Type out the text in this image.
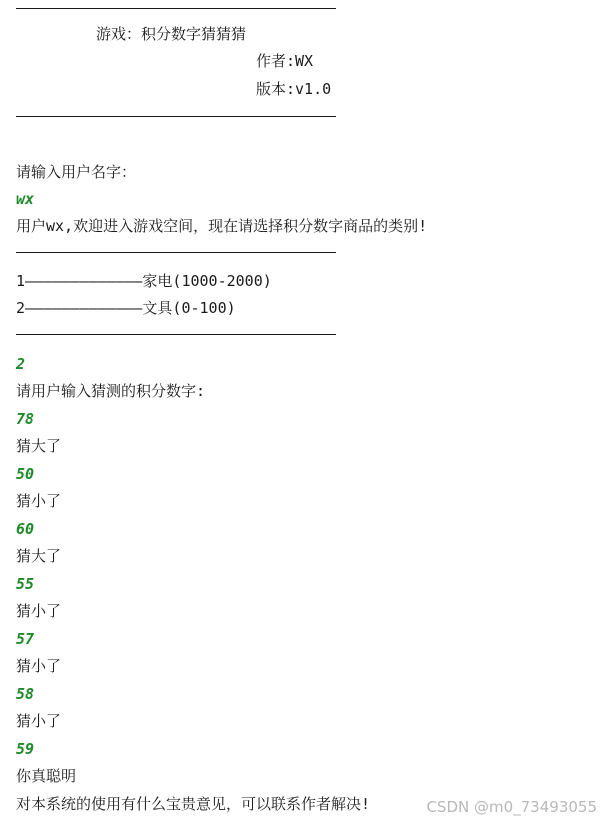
游戏：积分数字猜猜猜
作者:WX
版本:v1.0
请输入用户名字：
wx
用户wx,欢迎进入游戏空间，现在请选择积分数字商品的类别!
1—————————————家电(1000-2000)
2—————————————文具(0-100)
2
请用户输入猜测的积分数字:
78
猜大了
50
猜小了
60
猜大了
55
猜小了
57
猜小了
58
猜小了
59
你真聪明
对本系统的使用有什么宝贵意见，可以联系作者解决!	CSDN @m0_73493055
